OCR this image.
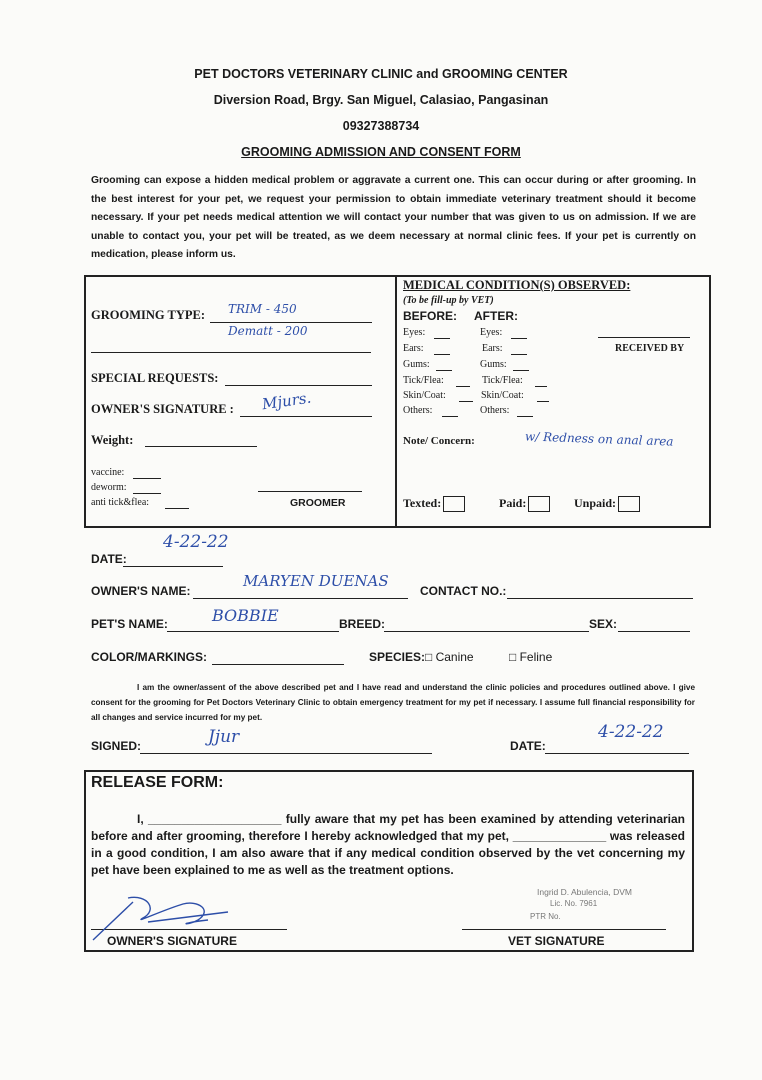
PET DOCTORS VETERINARY CLINIC and GROOMING CENTER
Diversion Road, Brgy. San Miguel, Calasiao, Pangasinan
09327388734
GROOMING ADMISSION AND CONSENT FORM
Grooming can expose a hidden medical problem or aggravate a current one. This can occur during or after grooming. In the best interest for your pet, we request your permission to obtain immediate veterinary treatment should it become necessary. If your pet needs medical attention we will contact your number that was given to us on admission. If we are unable to contact you, your pet will be treated, as we deem necessary at normal clinic fees. If your pet is currently on medication, please inform us.
GROOMING TYPE: TRIM - 450
Dematt - 200
SPECIAL REQUESTS:
OWNER'S SIGNATURE : Mjurs.
Weight:
vaccine:
deworm:
anti tick&flea:	GROOMER
MEDICAL CONDITION(S) OBSERVED:
(To be fill-up by VET)
BEFORE: AFTER:
Eyes:	Eyes:
Ears:	Ears:
Gums:	Gums:
Tick/Flea:	Tick/Flea:
Skin/Coat:	Skin/Coat:
Others:	Others:
RECEIVED BY
Note/ Concern:	w/ Redness on anal area
Texted:	Paid:	Unpaid:
DATE:
4-22-22
OWNER'S NAME:
MARYEN DUENAS
CONTACT NO.:
PET'S NAME:	BOBBIE	BREED:	SEX:
COLOR/MARKINGS:	SPECIES: □ Canine	□ Feline
I am the owner/assent of the above described pet and I have read and understand the clinic policies and procedures outlined above. I give consent for the grooming for Pet Doctors Veterinary Clinic to obtain emergency treatment for my pet if necessary. I assume full financial responsibility for all changes and service incurred for my pet.
SIGNED:	Jjur	DATE:
4-22-22
RELEASE FORM:
I, ____________________ fully aware that my pet has been examined by attending veterinarian before and after grooming, therefore I hereby acknowledged that my pet, ______________ was released in a good condition, I am also aware that if any medical condition observed by the vet concerning my pet have been explained to me as well as the treatment options.
OWNER'S SIGNATURE	VET SIGNATURE
Ingrid D. Abulencia, DVM
Lic. No. 7961
PTR No.
